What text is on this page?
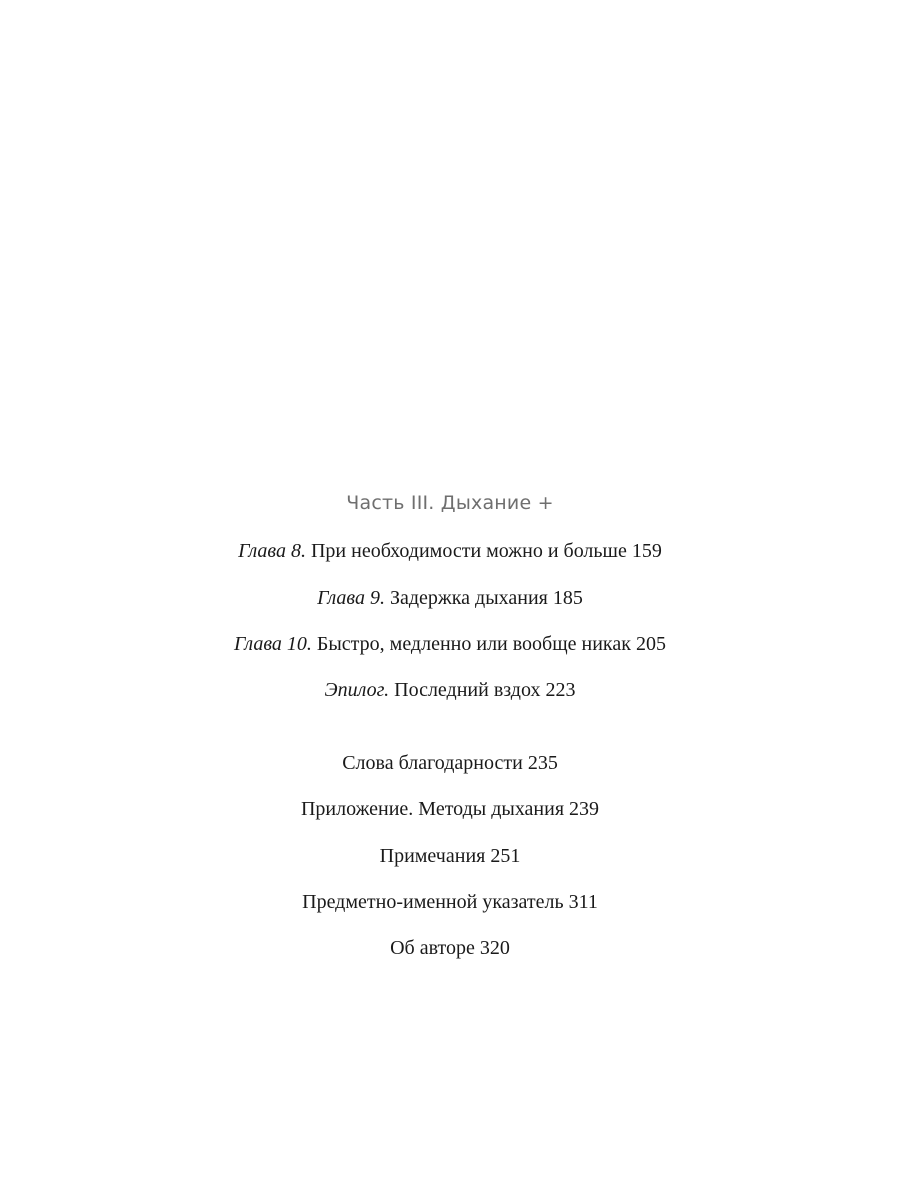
Часть III. Дыхание +
Глава 8. При необходимости можно и больше 159
Глава 9. Задержка дыхания 185
Глава 10. Быстро, медленно или вообще никак 205
Эпилог. Последний вздох 223
Слова благодарности 235
Приложение. Методы дыхания 239
Примечания 251
Предметно-именной указатель 311
Об авторе 320
